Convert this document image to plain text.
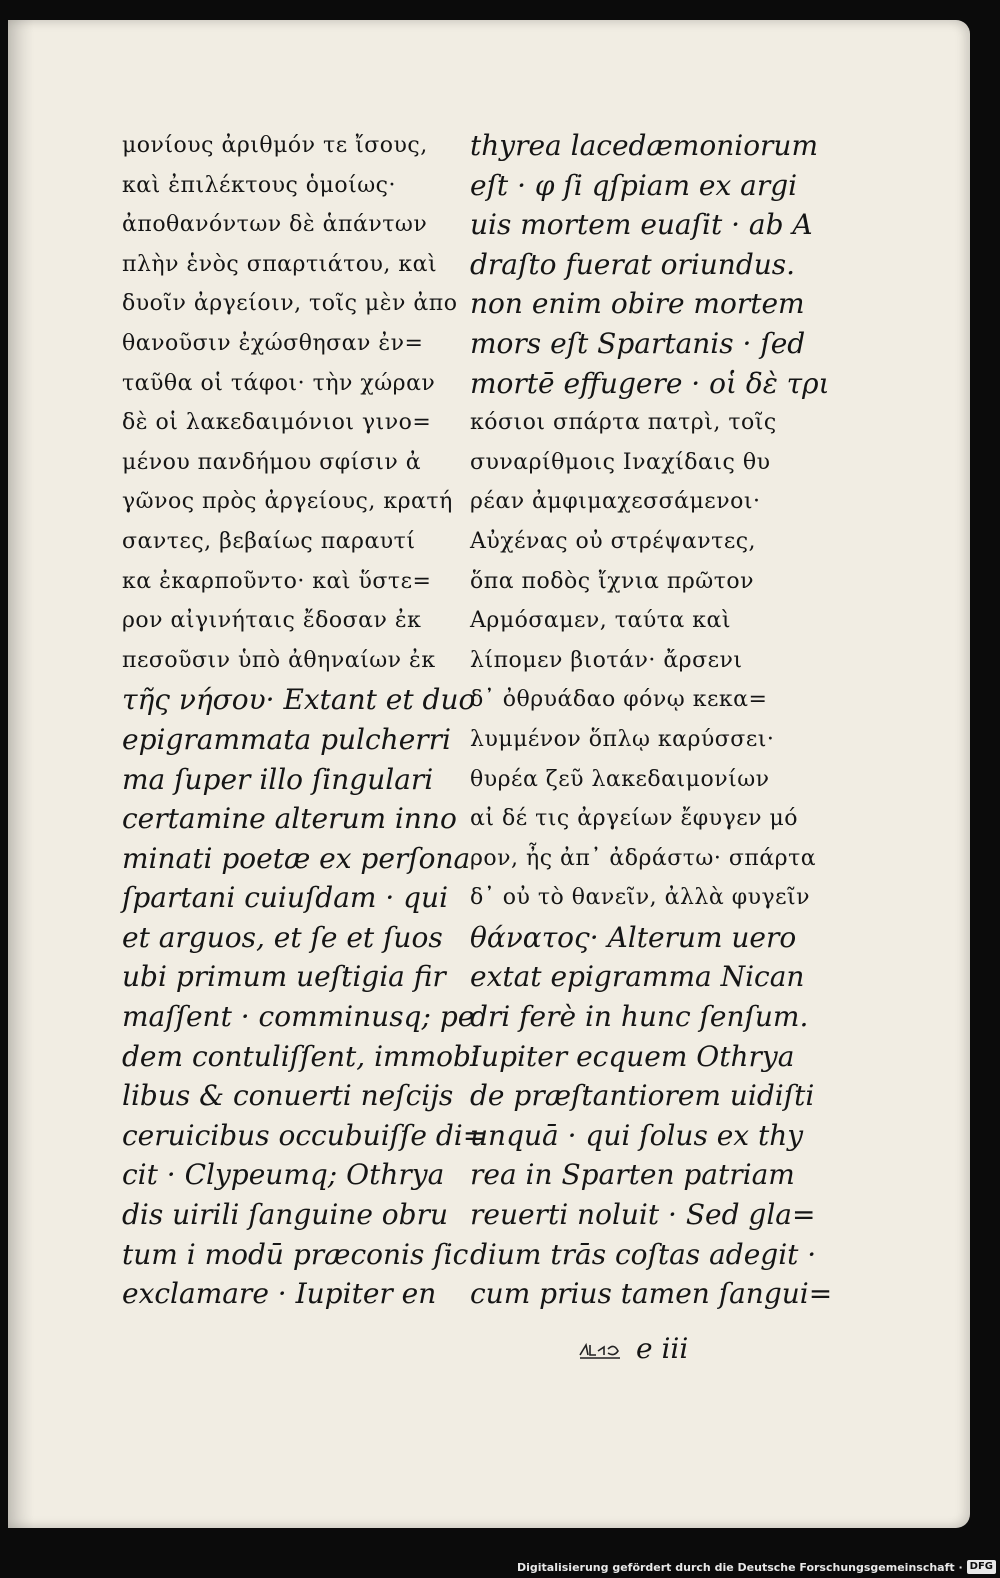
μονίους ἀριθμόν τε ἴσους,
καὶ ἐπιλέκτους ὁμοίως·
ἀποθανόντων δὲ ἁπάντων
πλὴν ἑνὸς σπαρτιάτου, καὶ
δυοῖν ἀργείοιν, τοῖς μὲν ἀπο
θανοῦσιν ἐχώσθησαν ἐν=
ταῦθα οἱ τάφοι· τὴν χώραν
δὲ οἱ λακεδαιμόνιοι γινο=
μένου πανδήμου σφίσιν ἀ
γῶνος πρὸς ἀργείους, κρατή
σαντες, βεβαίως παραυτί
κα ἐκαρποῦντο· καὶ ὕστε=
ρον αἰγινήταις ἔδοσαν ἐκ
πεσοῦσιν ὑπὸ ἀθηναίων ἐκ
τῆς νήσου· Extant et duo
epigrammata pulcherri
ma ſuper illo ſingulari
certamine alterum inno
minati poetæ ex perſona
ſpartani cuiuſdam · qui
et arguos, et ſe et ſuos
ubi primum ueſtigia fir
maſſent · comminusq; pe
dem contuliſſent, immobi
libus & conuerti neſcijs
ceruicibus occubuiſſe di=
cit · Clypeumq; Othrya
dis uirili ſanguine obru
tum i modū præconis ſic
exclamare · Iupiter en
thyrea lacedæmoniorum
eſt · φ ſi qſpiam ex argi
uis mortem euaſit · ab A
draſto fuerat oriundus.
non enim obire mortem
mors eſt Spartanis · ſed
mortē effugere · οἱ δὲ τρι
κόσιοι σπάρτα πατρὶ, τοῖς
συναρίθμοις Ιναχίδαις θυ
ρέαν ἀμφιμαχεσσάμενοι·
Αὐχένας οὐ στρέψαντες,
ὅπα ποδὸς ἴχνια πρῶτον
Αρμόσαμεν, ταύτα καὶ
λίπομεν βιοτάν· ἄρσενι
δ᾽ ὀθρυάδαο φόνῳ κεκα=
λυμμένον ὅπλῳ καρύσσει·
θυρέα ζεῦ λακεδαιμονίων
αἰ δέ τις ἀργείων ἔφυγεν μό
ρον, ἦς ἀπ᾽ ἀδράστω· σπάρτα
δ᾽ οὐ τὸ θανεῖν, ἀλλὰ φυγεῖν
θάνατος· Alterum uero
extat epigramma Nican
dri ferè in hunc ſenſum.
Iupiter ecquem Othrya
de præſtantiorem uidiſti
unquā · qui ſolus ex thy
rea in Sparten patriam
reuerti noluit · Sed gla=
dium trās coſtas adegit ·
cum prius tamen ſangui=
e iii
Digitalisierung gefördert durch die Deutsche Forschungsgemeinschaft · DFG
